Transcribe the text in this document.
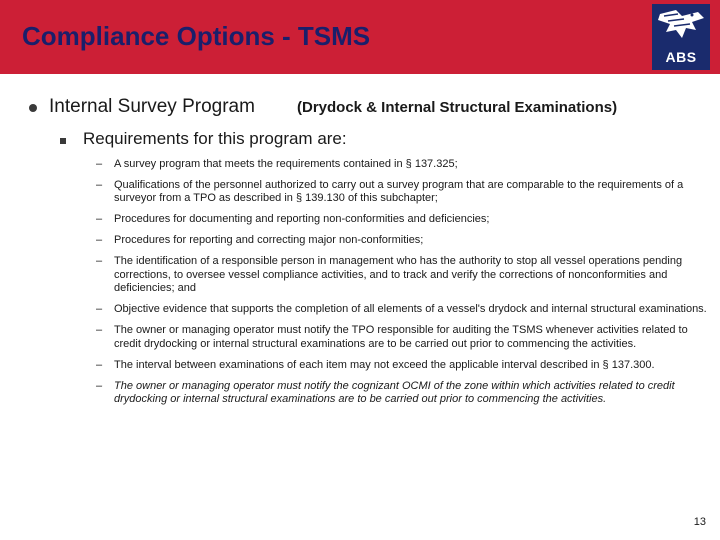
Compliance Options - TSMS
ABS
Internal Survey Program	(Drydock & Internal Structural Examinations)
Requirements for this program are:
– A survey program that meets the requirements contained in § 137.325;
– Qualifications of the personnel authorized to carry out a survey program that are comparable to the requirements of a surveyor from a TPO as described in § 139.130 of this subchapter;
– Procedures for documenting and reporting non-conformities and deficiencies;
– Procedures for reporting and correcting major non-conformities;
– The identification of a responsible person in management who has the authority to stop all vessel operations pending corrections, to oversee vessel compliance activities, and to track and verify the corrections of nonconformities and deficiencies; and
– Objective evidence that supports the completion of all elements of a vessel's drydock and internal structural examinations.
– The owner or managing operator must notify the TPO responsible for auditing the TSMS whenever activities related to credit drydocking or internal structural examinations are to be carried out prior to commencing the activities.
– The interval between examinations of each item may not exceed the applicable interval described in § 137.300.
– The owner or managing operator must notify the cognizant OCMI of the zone within which activities related to credit drydocking or internal structural examinations are to be carried out prior to commencing the activities.
13
